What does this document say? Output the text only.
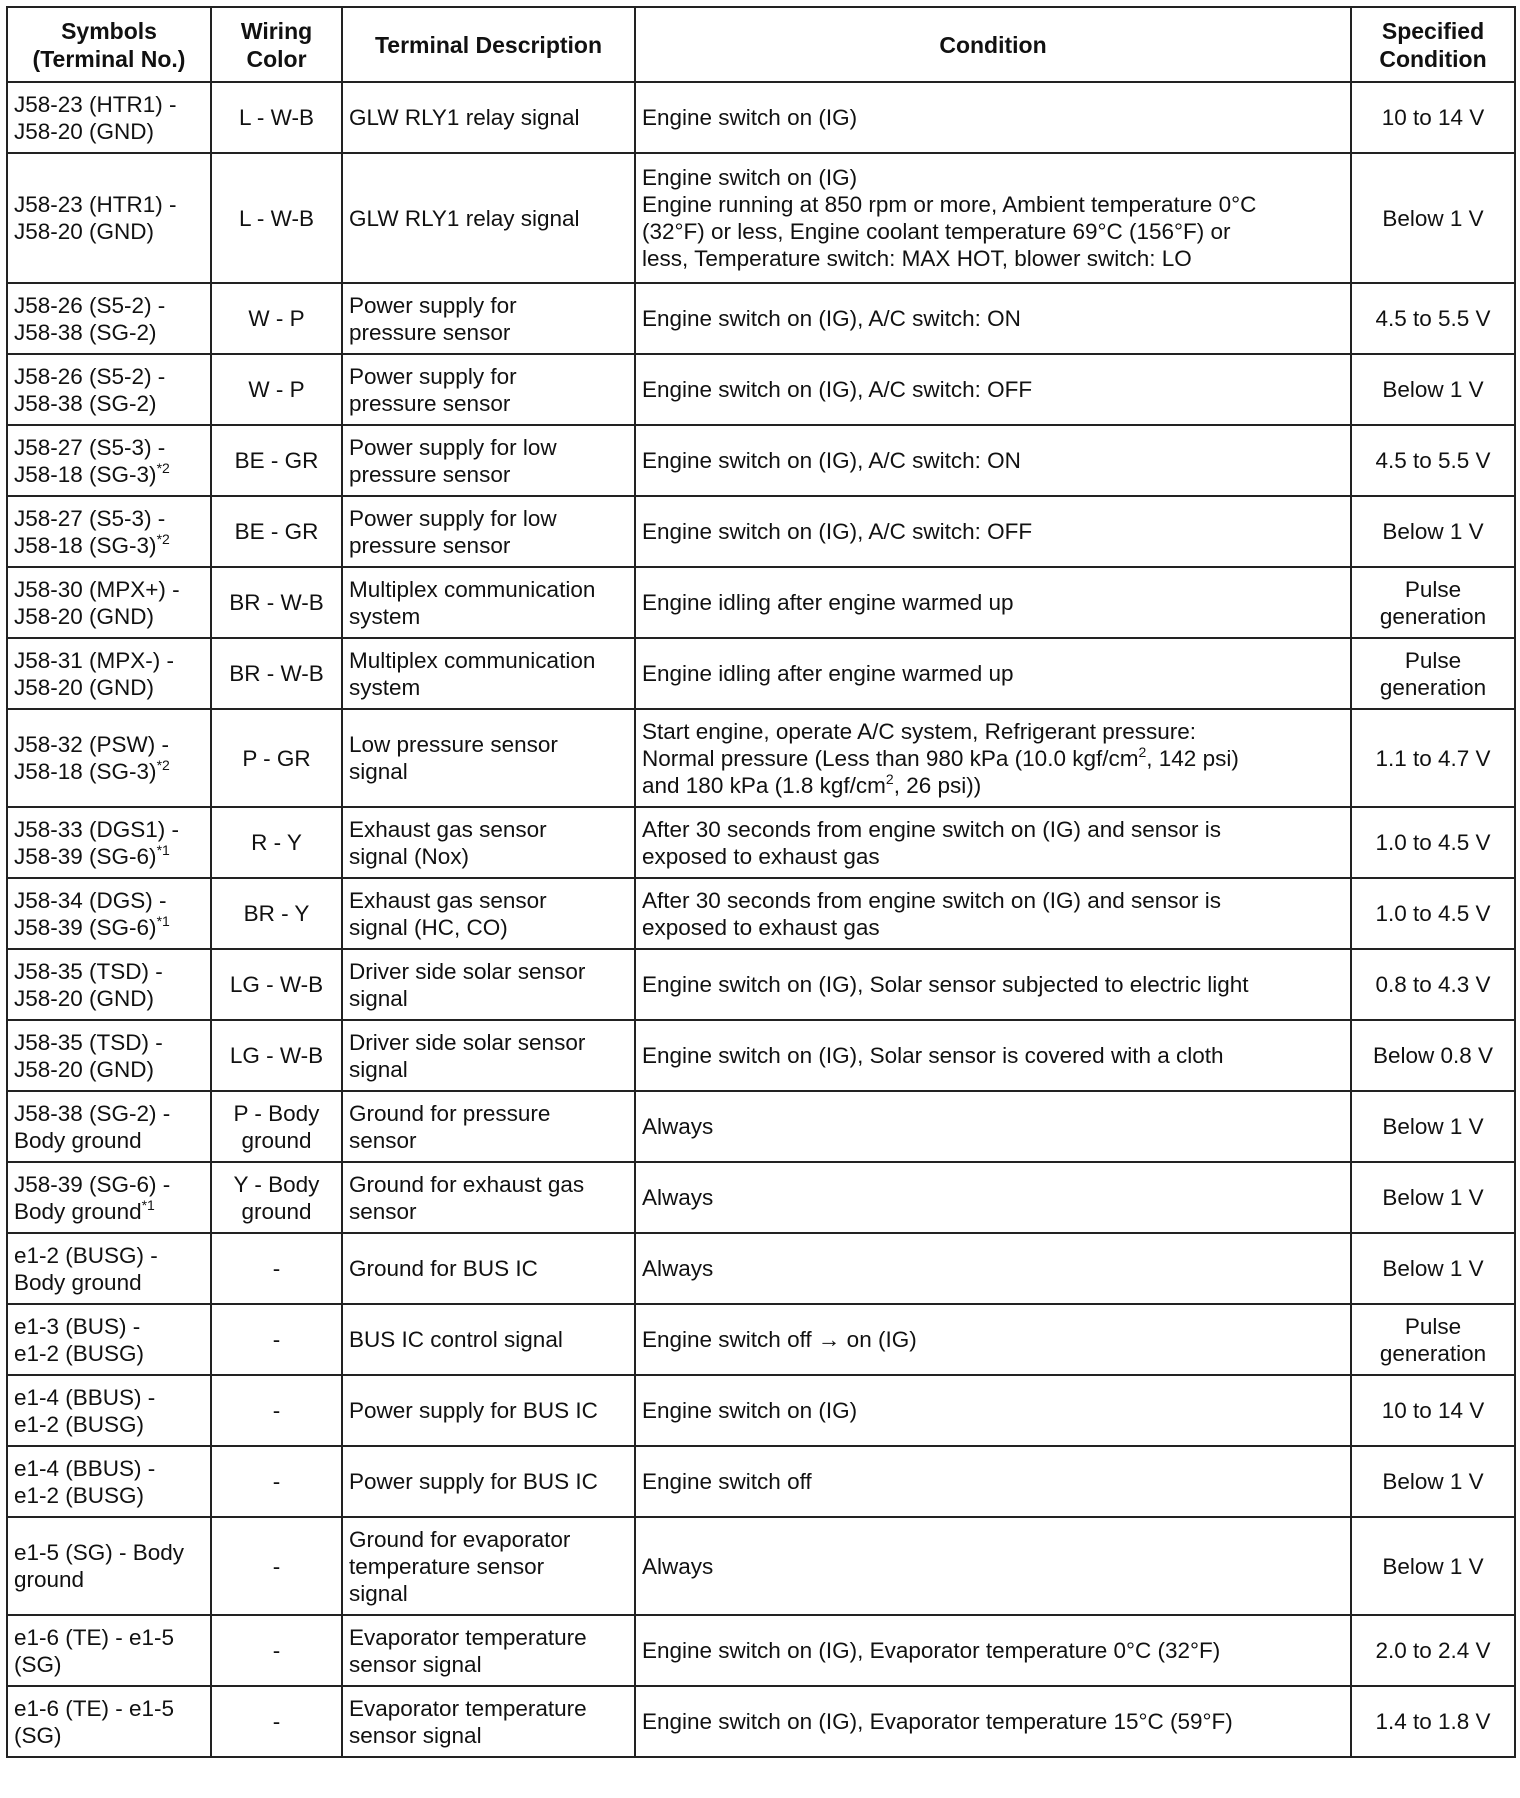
Symbols
(Terminal No.)	Wiring
Color	Terminal Description	Condition	Specified
Condition

J58-23 (HTR1) -
J58-20 (GND)	L - W-B	GLW RLY1 relay signal	Engine switch on (IG)	10 to 14 V

J58-23 (HTR1) -
J58-20 (GND)	L - W-B	GLW RLY1 relay signal	Engine switch on (IG)
Engine running at 850 rpm or more, Ambient temperature 0°C
(32°F) or less, Engine coolant temperature 69°C (156°F) or
less, Temperature switch: MAX HOT, blower switch: LO	Below 1 V

J58-26 (S5-2) -
J58-38 (SG-2)	W - P	Power supply for
pressure sensor	Engine switch on (IG), A/C switch: ON	4.5 to 5.5 V

J58-26 (S5-2) -
J58-38 (SG-2)	W - P	Power supply for
pressure sensor	Engine switch on (IG), A/C switch: OFF	Below 1 V

J58-27 (S5-3) -
J58-18 $(SG-3)^{*2}$	BE - GR	Power supply for low
pressure sensor	Engine switch on (IG), A/C switch: ON	4.5 to 5.5 V

J58-27 (S5-3) -
J58-18 $(SG-3)^{*2}$	BE - GR	Power supply for low
pressure sensor	Engine switch on (IG), A/C switch: OFF	Below 1 V

J58-30 (MPX+) -
J58-20 (GND)	BR - W-B	Multiplex communication
system	Engine idling after engine warmed up	Pulse
generation

J58-31 (MPX-) -
J58-20 (GND)	BR - W-B	Multiplex communication
system	Engine idling after engine warmed up	Pulse
generation

J58-32 (PSW) -
J58-18 $(SG-3)^{*2}$	P - GR	Low pressure sensor
signal	Start engine, operate A/C system, Refrigerant pressure:
Normal pressure (Less than 980 kPa (10.0 kgf/$cm^2$, 142 psi)
and 180 kPa (1.8 kgf/$cm^2$, 26 psi))	1.1 to 4.7 V

J58-33 (DGS1) -
J58-39 $(SG-6)^{*1}$	R - Y	Exhaust gas sensor
signal (Nox)	After 30 seconds from engine switch on (IG) and sensor is
exposed to exhaust gas	1.0 to 4.5 V

J58-34 (DGS) -
J58-39 $(SG-6)^{*1}$	BR - Y	Exhaust gas sensor
signal (HC, CO)	After 30 seconds from engine switch on (IG) and sensor is
exposed to exhaust gas	1.0 to 4.5 V

J58-35 (TSD) -
J58-20 (GND)	LG - W-B	Driver side solar sensor
signal	Engine switch on (IG), Solar sensor subjected to electric light	0.8 to 4.3 V

J58-35 (TSD) -
J58-20 (GND)	LG - W-B	Driver side solar sensor
signal	Engine switch on (IG), Solar sensor is covered with a cloth	Below 0.8 V

J58-38 (SG-2) -
Body ground	P - Body
ground	Ground for pressure
sensor	Always	Below 1 V

J58-39 (SG-6) -
Body ground$^{*1}$	Y - Body
ground	Ground for exhaust gas
sensor	Always	Below 1 V

e1-2 (BUSG) -
Body ground	-	Ground for BUS IC	Always	Below 1 V

e1-3 (BUS) -
e1-2 (BUSG)	-	BUS IC control signal	Engine switch off → on (IG)	Pulse
generation

e1-4 (BBUS) -
e1-2 (BUSG)	-	Power supply for BUS IC	Engine switch on (IG)	10 to 14 V

e1-4 (BBUS) -
e1-2 (BUSG)	-	Power supply for BUS IC	Engine switch off	Below 1 V

e1-5 (SG) - Body
ground	-	Ground for evaporator
temperature sensor
signal	Always	Below 1 V

e1-6 (TE) - e1-5
(SG)	-	Evaporator temperature
sensor signal	Engine switch on (IG), Evaporator temperature 0°C (32°F)	2.0 to 2.4 V

e1-6 (TE) - e1-5
(SG)	-	Evaporator temperature
sensor signal	Engine switch on (IG), Evaporator temperature 15°C (59°F)	1.4 to 1.8 V
